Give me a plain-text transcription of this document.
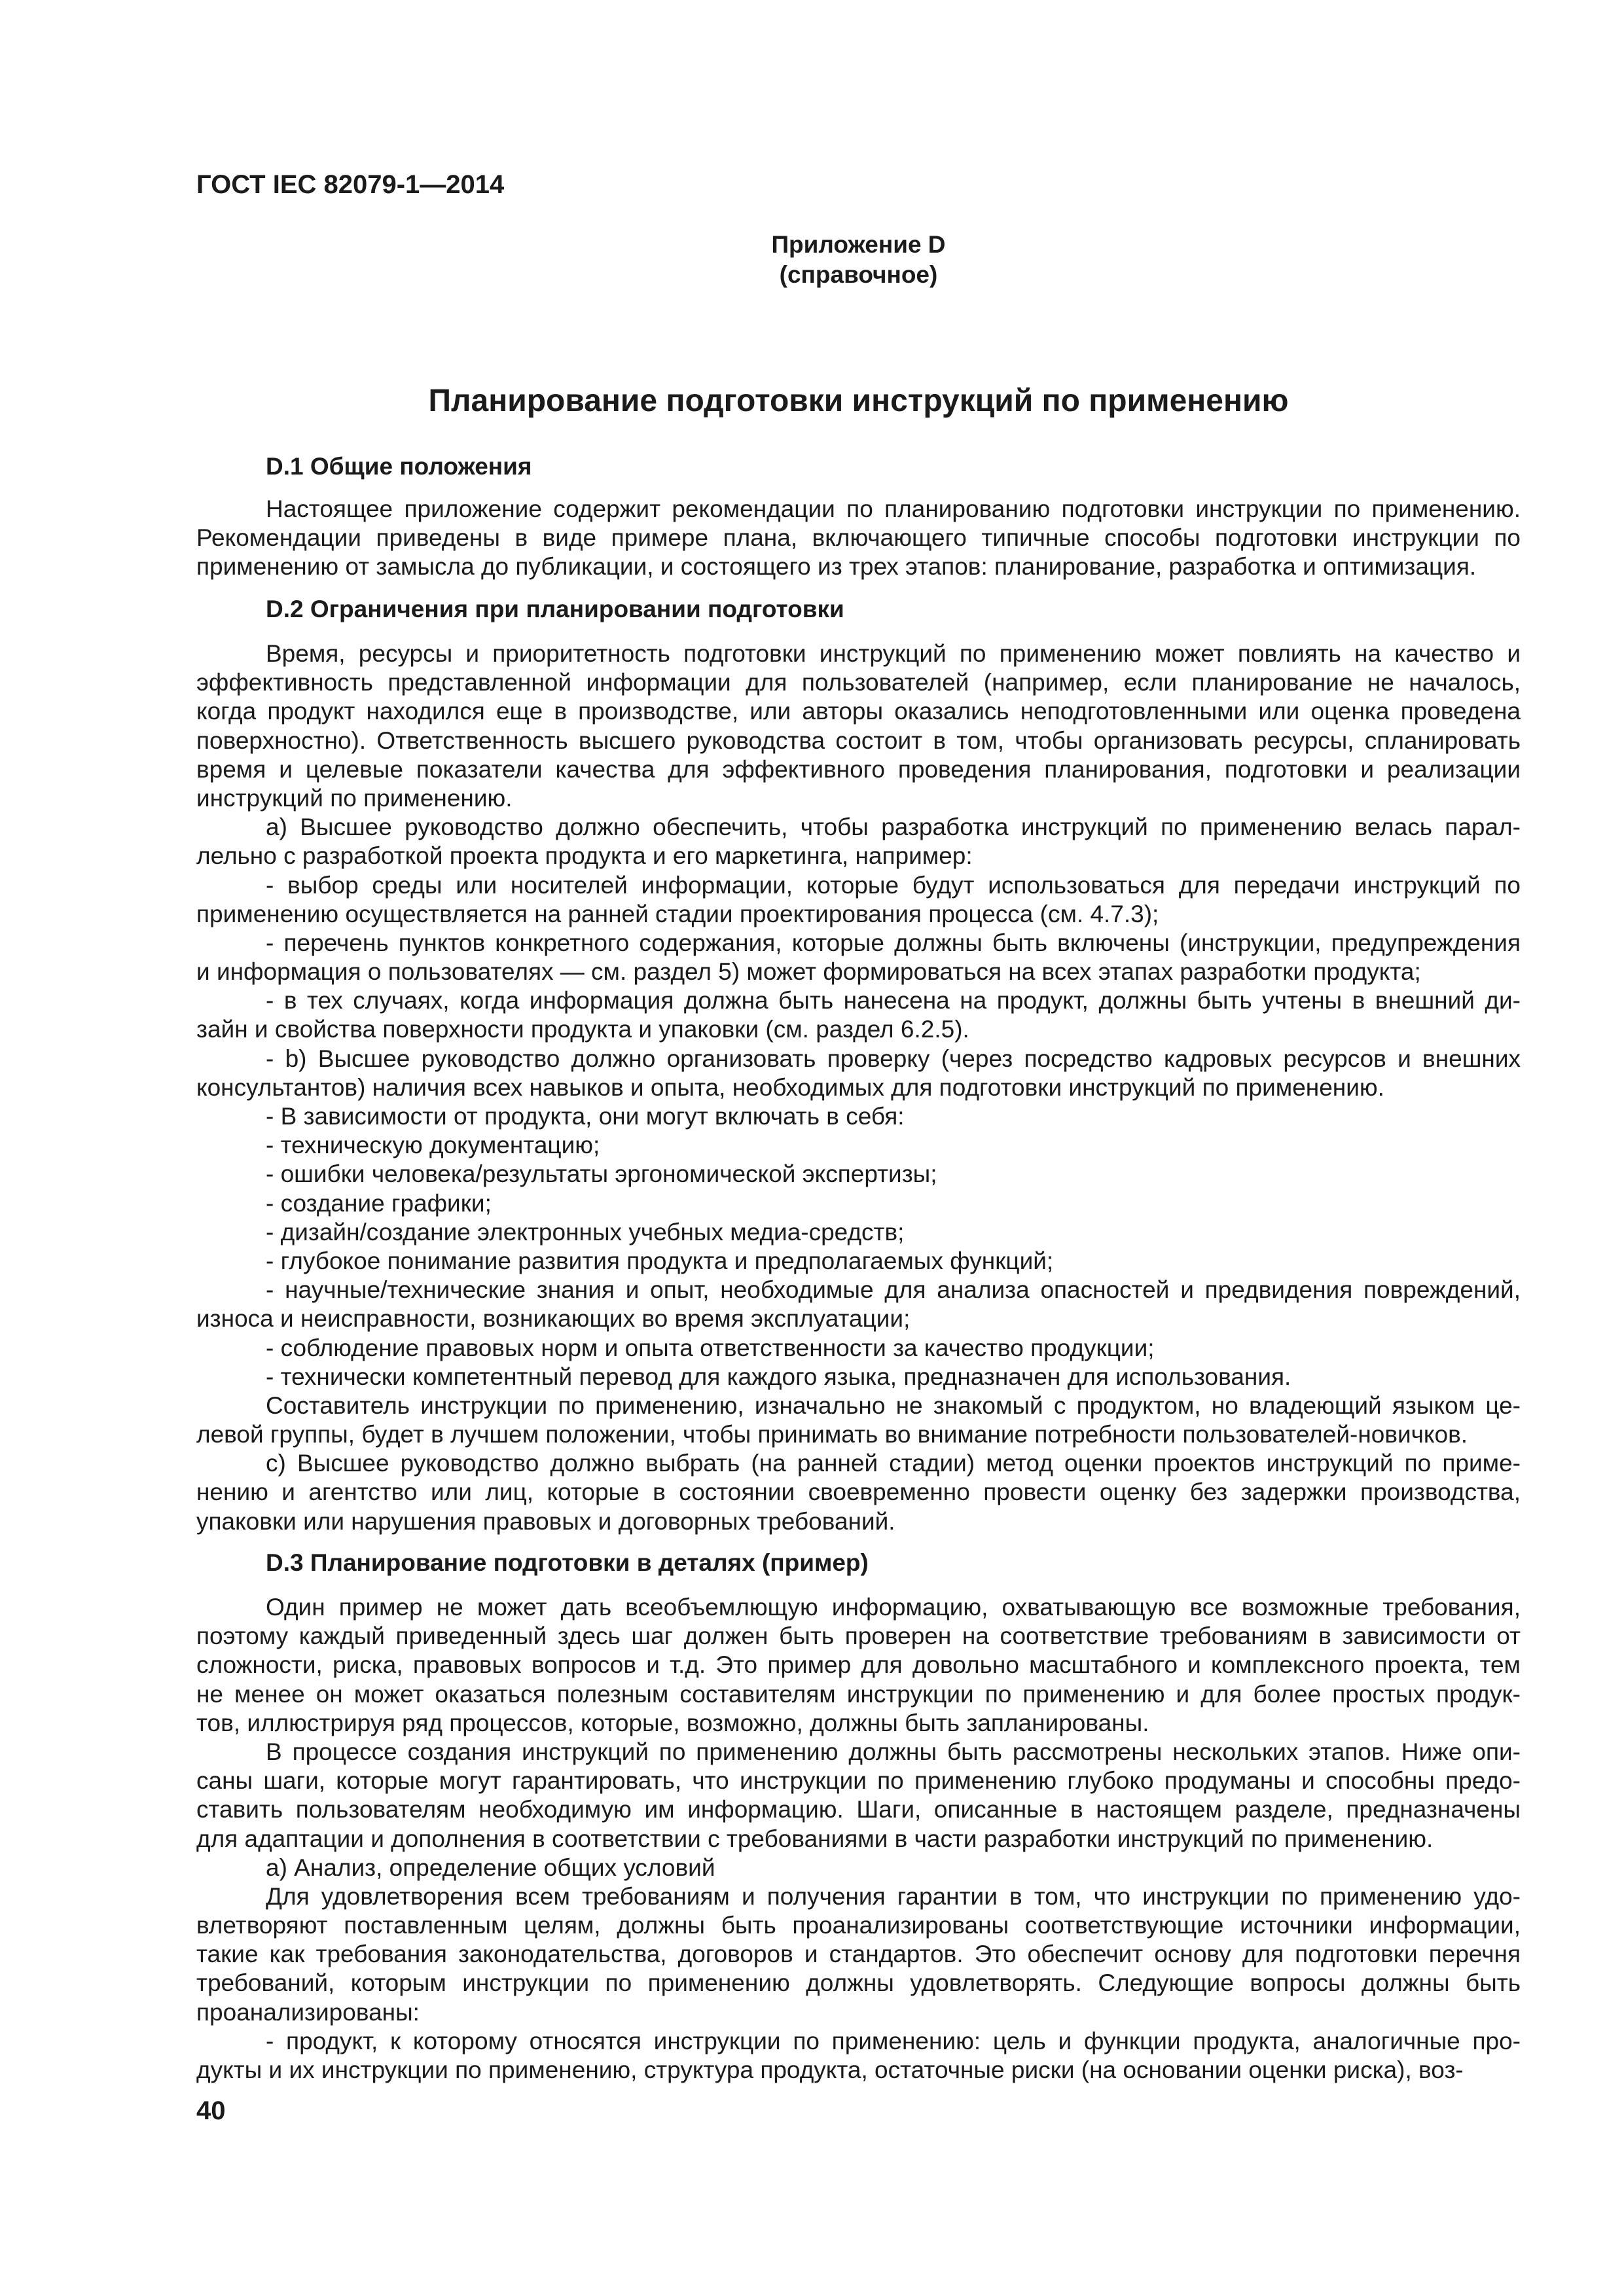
ГОСТ IEC 82079-1—2014
Приложение D
(справочное)
Планирование подготовки инструкций по применению
D.1 Общие положения
Настоящее приложение содержит рекомендации по планированию подготовки инструкции по применению.
Рекомендации приведены в виде примере плана, включающего типичные способы подготовки инструкции по
применению от замысла до публикации, и состоящего из трех этапов: планирование, разработка и оптимизация.
D.2 Ограничения при планировании подготовки
Время, ресурсы и приоритетность подготовки инструкций по применению может повлиять на качество и
эффективность представленной информации для пользователей (например, если планирование не началось,
когда продукт находился еще в производстве, или авторы оказались неподготовленными или оценка проведена
поверхностно). Ответственность высшего руководства состоит в том, чтобы организовать ресурсы, спланировать
время и целевые показатели качества для эффективного проведения планирования, подготовки и реализации
инструкций по применению.
a) Высшее руководство должно обеспечить, чтобы разработка инструкций по применению велась парал-
лельно с разработкой проекта продукта и его маркетинга, например:
- выбор среды или носителей информации, которые будут использоваться для передачи инструкций по
применению осуществляется на ранней стадии проектирования процесса (см. 4.7.3);
- перечень пунктов конкретного содержания, которые должны быть включены (инструкции, предупреждения
и информация о пользователях — см. раздел 5) может формироваться на всех этапах разработки продукта;
- в тех случаях, когда информация должна быть нанесена на продукт, должны быть учтены в внешний ди-
зайн и свойства поверхности продукта и упаковки (см. раздел 6.2.5).
- b) Высшее руководство должно организовать проверку (через посредство кадровых ресурсов и внешних
консультантов) наличия всех навыков и опыта, необходимых для подготовки инструкций по применению.
- В зависимости от продукта, они могут включать в себя:
- техническую документацию;
- ошибки человека/результаты эргономической экспертизы;
- создание графики;
- дизайн/создание электронных учебных медиа-средств;
- глубокое понимание развития продукта и предполагаемых функций;
- научные/технические знания и опыт, необходимые для анализа опасностей и предвидения повреждений,
износа и неисправности, возникающих во время эксплуатации;
- соблюдение правовых норм и опыта ответственности за качество продукции;
- технически компетентный перевод для каждого языка, предназначен для использования.
Составитель инструкции по применению, изначально не знакомый с продуктом, но владеющий языком це-
левой группы, будет в лучшем положении, чтобы принимать во внимание потребности пользователей-новичков.
c) Высшее руководство должно выбрать (на ранней стадии) метод оценки проектов инструкций по приме-
нению и агентство или лиц, которые в состоянии своевременно провести оценку без задержки производства,
упаковки или нарушения правовых и договорных требований.
D.3 Планирование подготовки в деталях (пример)
Один пример не может дать всеобъемлющую информацию, охватывающую все возможные требования,
поэтому каждый приведенный здесь шаг должен быть проверен на соответствие требованиям в зависимости от
сложности, риска, правовых вопросов и т.д. Это пример для довольно масштабного и комплексного проекта, тем
не менее он может оказаться полезным составителям инструкции по применению и для более простых продук-
тов, иллюстрируя ряд процессов, которые, возможно, должны быть запланированы.
В процессе создания инструкций по применению должны быть рассмотрены нескольких этапов. Ниже опи-
саны шаги, которые могут гарантировать, что инструкции по применению глубоко продуманы и способны предо-
ставить пользователям необходимую им информацию. Шаги, описанные в настоящем разделе, предназначены
для адаптации и дополнения в соответствии с требованиями в части разработки инструкций по применению.
a) Анализ, определение общих условий
Для удовлетворения всем требованиям и получения гарантии в том, что инструкции по применению удо-
влетворяют поставленным целям, должны быть проанализированы соответствующие источники информации,
такие как требования законодательства, договоров и стандартов. Это обеспечит основу для подготовки перечня
требований, которым инструкции по применению должны удовлетворять. Следующие вопросы должны быть
проанализированы:
- продукт, к которому относятся инструкции по применению: цель и функции продукта, аналогичные про-
дукты и их инструкции по применению, структура продукта, остаточные риски (на основании оценки риска), воз-
40
